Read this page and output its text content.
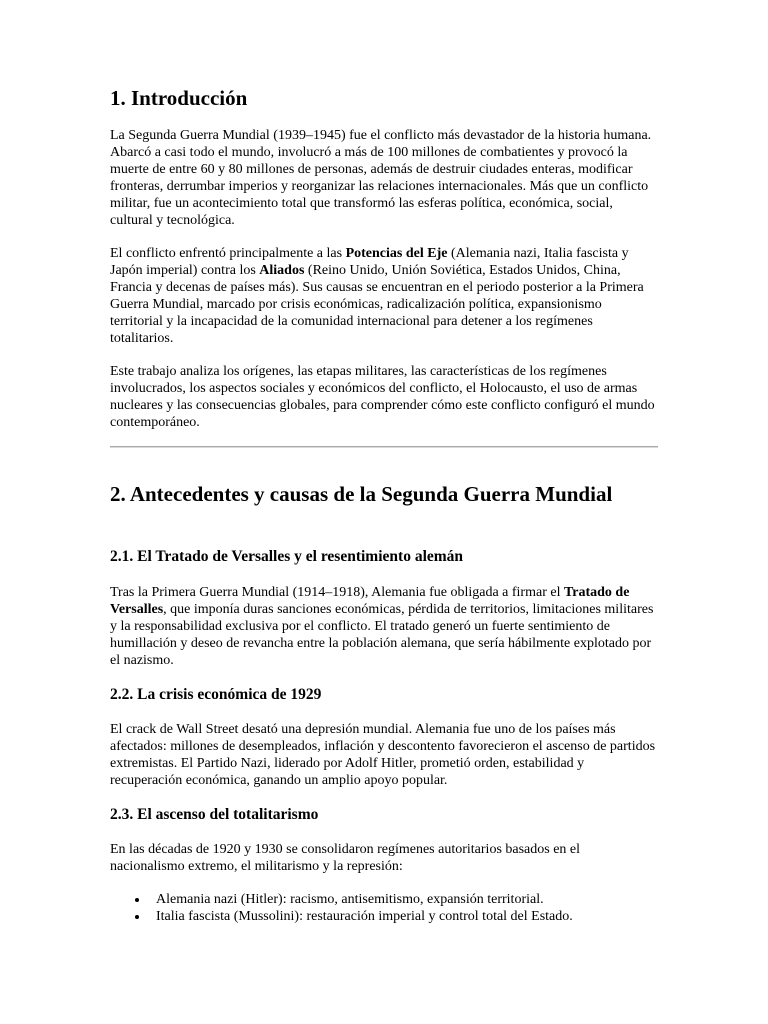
1. Introducción

La Segunda Guerra Mundial (1939–1945) fue el conflicto más devastador de la historia humana. Abarcó a casi todo el mundo, involucró a más de 100 millones de combatientes y provocó la muerte de entre 60 y 80 millones de personas, además de destruir ciudades enteras, modificar fronteras, derrumbar imperios y reorganizar las relaciones internacionales. Más que un conflicto militar, fue un acontecimiento total que transformó las esferas política, económica, social, cultural y tecnológica.

El conflicto enfrentó principalmente a las Potencias del Eje (Alemania nazi, Italia fascista y Japón imperial) contra los Aliados (Reino Unido, Unión Soviética, Estados Unidos, China, Francia y decenas de países más). Sus causas se encuentran en el periodo posterior a la Primera Guerra Mundial, marcado por crisis económicas, radicalización política, expansionismo territorial y la incapacidad de la comunidad internacional para detener a los regímenes totalitarios.

Este trabajo analiza los orígenes, las etapas militares, las características de los regímenes involucrados, los aspectos sociales y económicos del conflicto, el Holocausto, el uso de armas nucleares y las consecuencias globales, para comprender cómo este conflicto configuró el mundo contemporáneo.

2. Antecedentes y causas de la Segunda Guerra Mundial
2.1. El Tratado de Versalles y el resentimiento alemán

Tras la Primera Guerra Mundial (1914–1918), Alemania fue obligada a firmar el Tratado de Versalles, que imponía duras sanciones económicas, pérdida de territorios, limitaciones militares y la responsabilidad exclusiva por el conflicto. El tratado generó un fuerte sentimiento de humillación y deseo de revancha entre la población alemana, que sería hábilmente explotado por el nazismo.

2.2. La crisis económica de 1929

El crack de Wall Street desató una depresión mundial. Alemania fue uno de los países más afectados: millones de desempleados, inflación y descontento favorecieron el ascenso de partidos extremistas. El Partido Nazi, liderado por Adolf Hitler, prometió orden, estabilidad y recuperación económica, ganando un amplio apoyo popular.

2.3. El ascenso del totalitarismo

En las décadas de 1920 y 1930 se consolidaron regímenes autoritarios basados en el nacionalismo extremo, el militarismo y la represión:

Alemania nazi (Hitler): racismo, antisemitismo, expansión territorial.
Italia fascista (Mussolini): restauración imperial y control total del Estado.
